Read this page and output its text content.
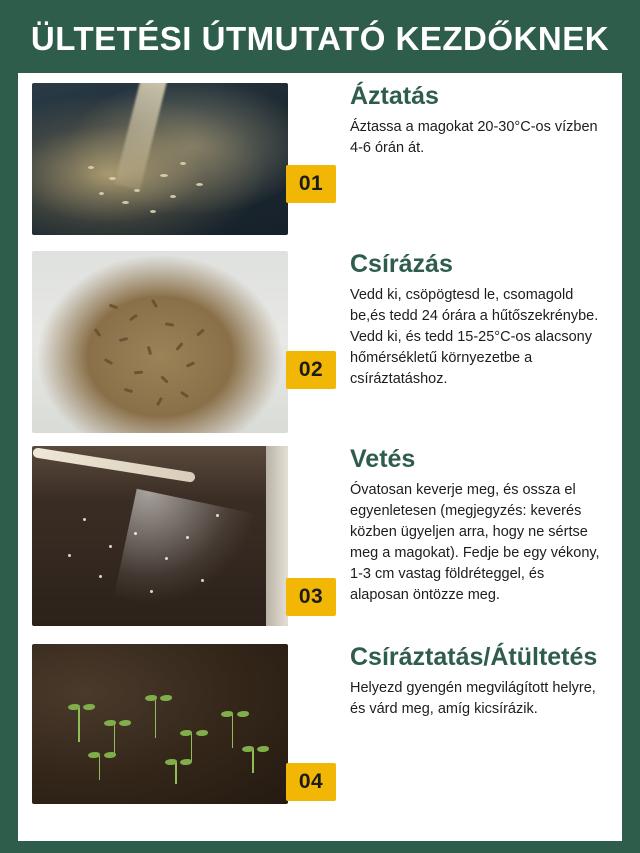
ÜLTETÉSI ÚTMUTATÓ KEZDŐKNEK
Áztatás

Áztassa a magokat 20-30°C-os vízben 4-6 órán át.

Csírázás

Vedd ki, csöpögtesd le, csomagold be,és tedd 24 órára a hűtőszekrénybe. Vedd ki, és tedd 15-25°C-os alacsony hőmérsékletű környezetbe a csíráztatáshoz.

Vetés

Óvatosan keverje meg, és ossza el egyenletesen (megjegyzés: keverés közben ügyeljen arra, hogy ne sértse meg a magokat). Fedje be egy vékony, 1-3 cm vastag földréteggel, és alaposan öntözze meg.

Csíráztatás/Átültetés

Helyezd gyengén megvilágított helyre, és várd meg, amíg kicsírázik.

01
02
03
04
